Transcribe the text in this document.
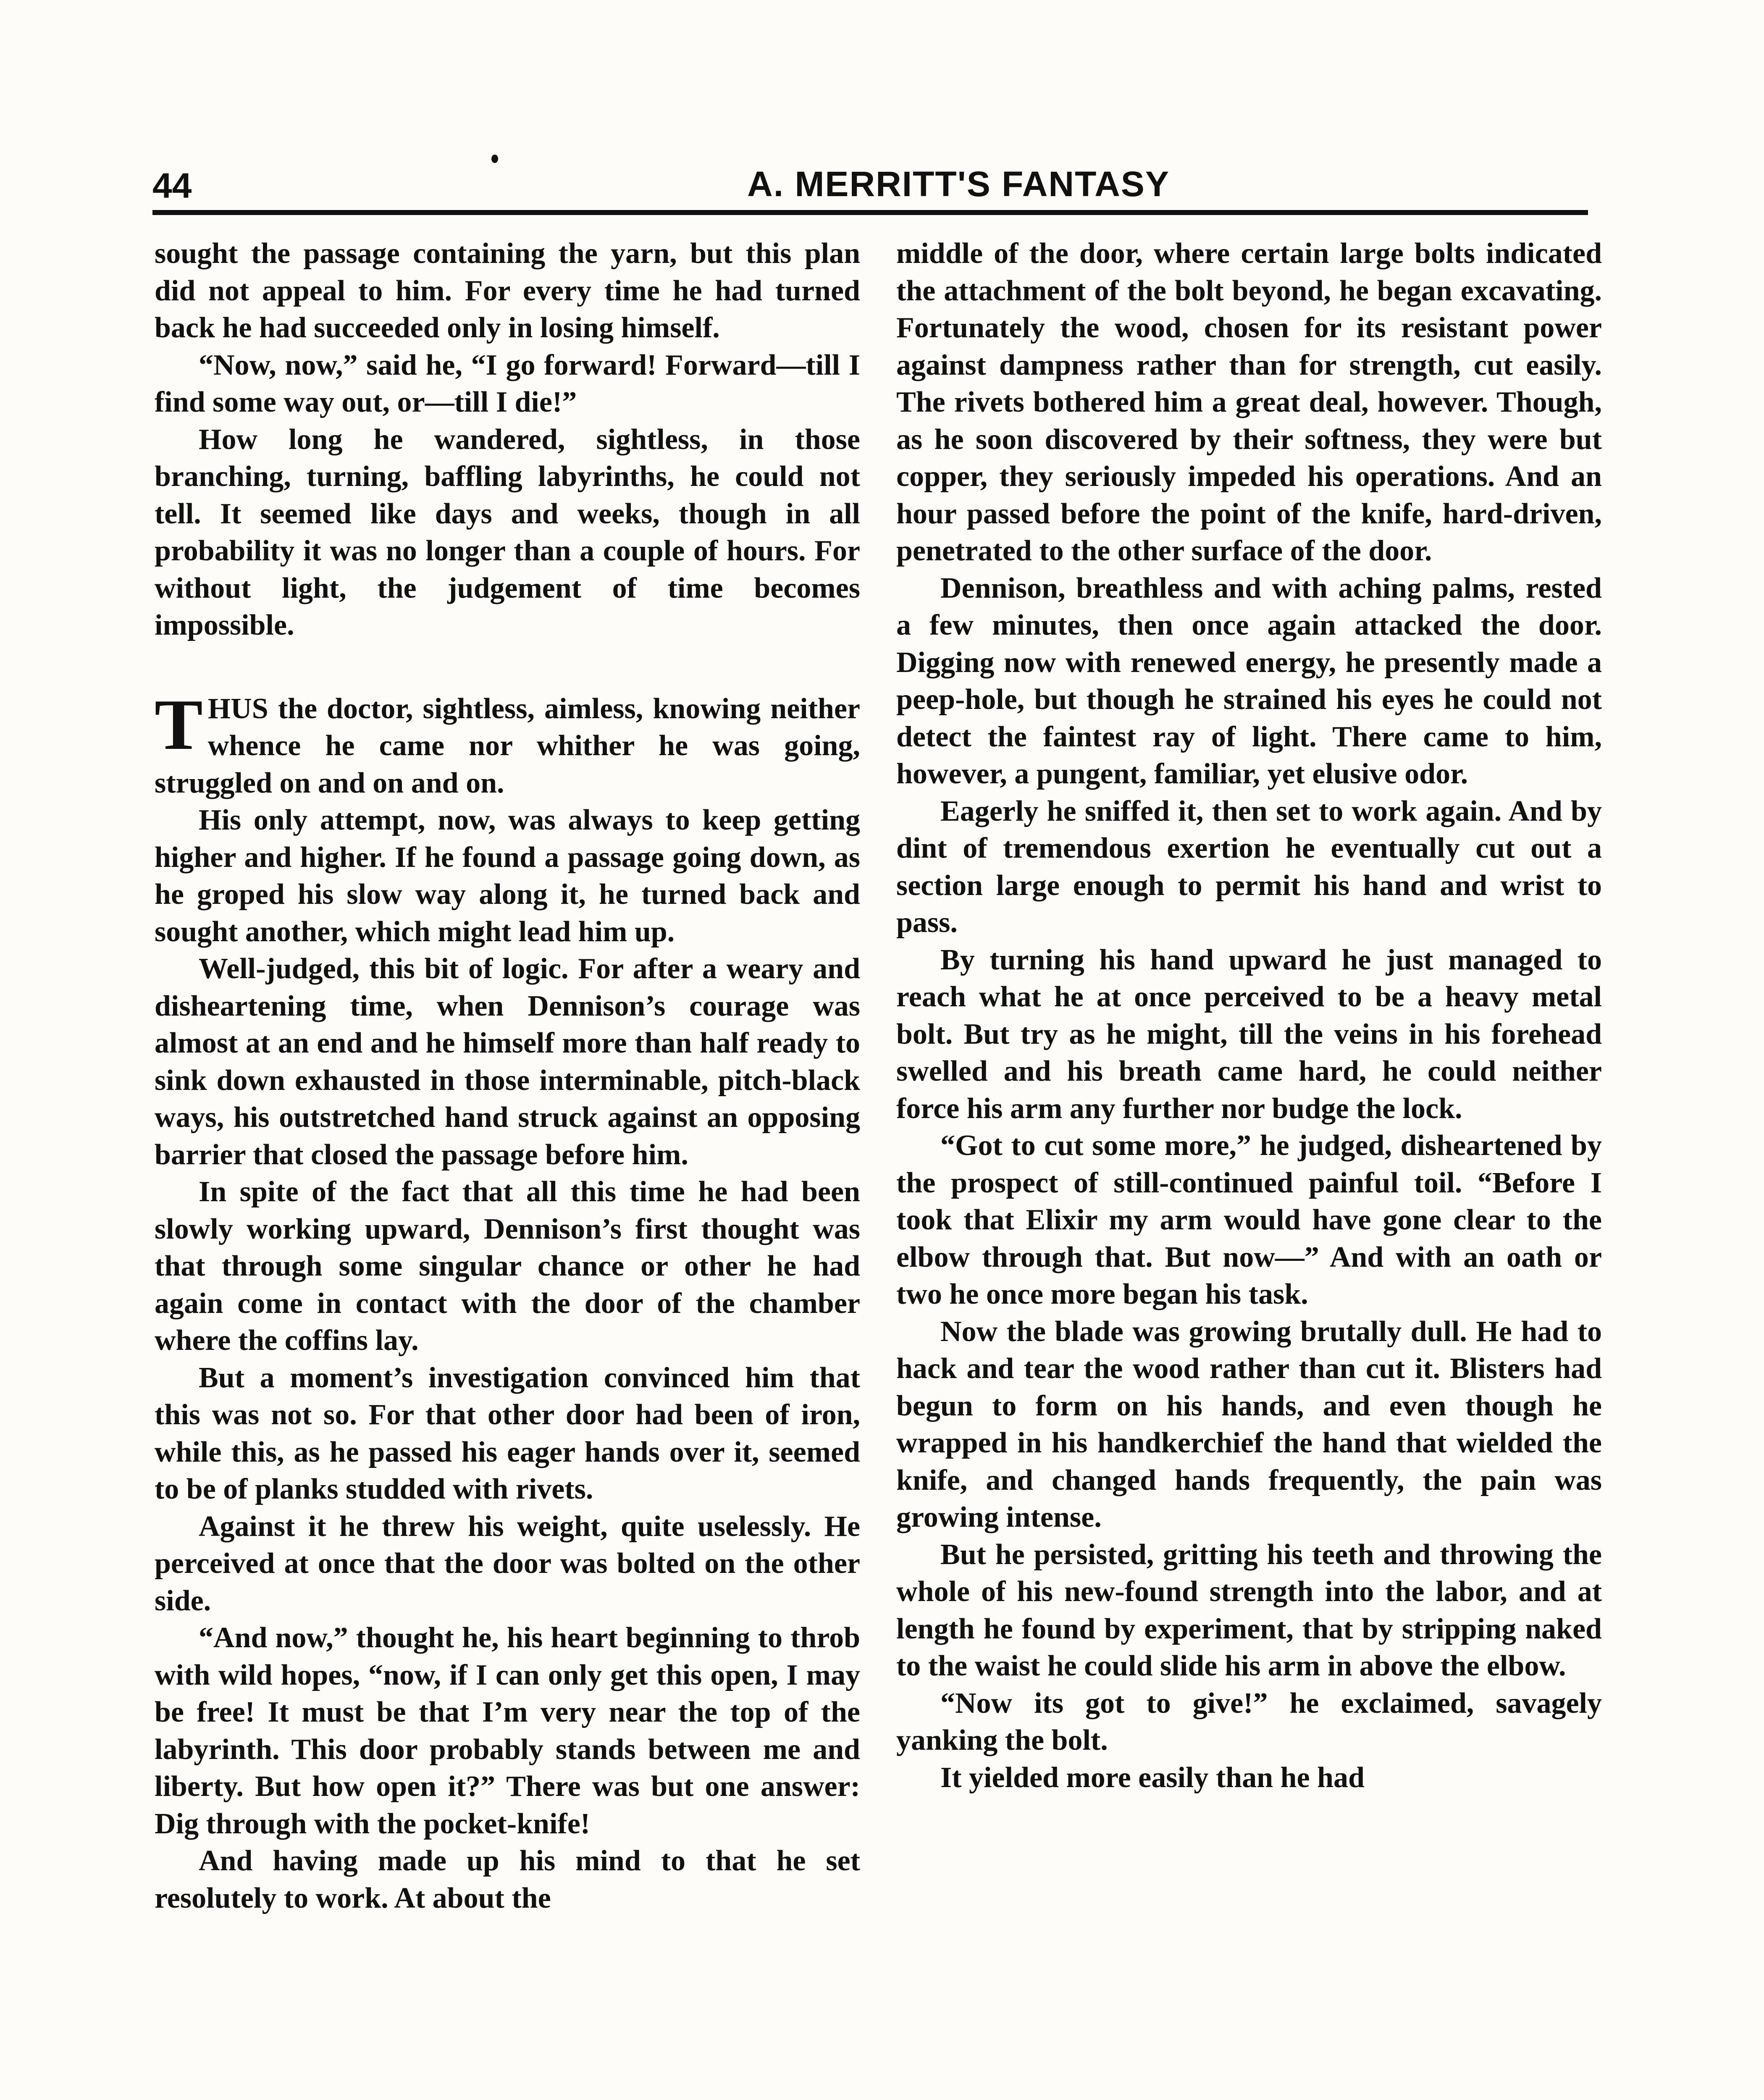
44	A. MERRITT'S FANTASY

sought the passage containing the yarn, but this plan did not appeal to him. For every time he had turned back he had succeeded only in losing himself.

“Now, now,” said he, “I go forward! Forward—till I find some way out, or—till I die!”

How long he wandered, sightless, in those branching, turning, baffling labyrinths, he could not tell. It seemed like days and weeks, though in all probability it was no longer than a couple of hours. For without light, the judgement of time becomes impossible.

THUS the doctor, sightless, aimless, knowing neither whence he came nor whither he was going, struggled on and on and on.

His only attempt, now, was always to keep getting higher and higher. If he found a passage going down, as he groped his slow way along it, he turned back and sought another, which might lead him up.

Well-judged, this bit of logic. For after a weary and disheartening time, when Dennison’s courage was almost at an end and he himself more than half ready to sink down exhausted in those interminable, pitch-black ways, his outstretched hand struck against an opposing barrier that closed the passage before him.

In spite of the fact that all this time he had been slowly working upward, Dennison’s first thought was that through some singular chance or other he had again come in contact with the door of the chamber where the coffins lay.

But a moment’s investigation convinced him that this was not so. For that other door had been of iron, while this, as he passed his eager hands over it, seemed to be of planks studded with rivets.

Against it he threw his weight, quite uselessly. He perceived at once that the door was bolted on the other side.

“And now,” thought he, his heart beginning to throb with wild hopes, “now, if I can only get this open, I may be free! It must be that I’m very near the top of the labyrinth. This door probably stands between me and liberty. But how open it?” There was but one answer: Dig through with the pocket-knife!

And having made up his mind to that he set resolutely to work. At about the

middle of the door, where certain large bolts indicated the attachment of the bolt beyond, he began excavating. Fortunately the wood, chosen for its resistant power against dampness rather than for strength, cut easily. The rivets bothered him a great deal, however. Though, as he soon discovered by their softness, they were but copper, they seriously impeded his operations. And an hour passed before the point of the knife, hard-driven, penetrated to the other surface of the door.

Dennison, breathless and with aching palms, rested a few minutes, then once again attacked the door. Digging now with renewed energy, he presently made a peep-hole, but though he strained his eyes he could not detect the faintest ray of light. There came to him, however, a pungent, familiar, yet elusive odor.

Eagerly he sniffed it, then set to work again. And by dint of tremendous exertion he eventually cut out a section large enough to permit his hand and wrist to pass.

By turning his hand upward he just managed to reach what he at once perceived to be a heavy metal bolt. But try as he might, till the veins in his forehead swelled and his breath came hard, he could neither force his arm any further nor budge the lock.

“Got to cut some more,” he judged, disheartened by the prospect of still-continued painful toil. “Before I took that Elixir my arm would have gone clear to the elbow through that. But now—” And with an oath or two he once more began his task.

Now the blade was growing brutally dull. He had to hack and tear the wood rather than cut it. Blisters had begun to form on his hands, and even though he wrapped in his handkerchief the hand that wielded the knife, and changed hands frequently, the pain was growing intense.

But he persisted, gritting his teeth and throwing the whole of his new-found strength into the labor, and at length he found by experiment, that by stripping naked to the waist he could slide his arm in above the elbow.

“Now its got to give!” he exclaimed, savagely yanking the bolt.

It yielded more easily than he had
